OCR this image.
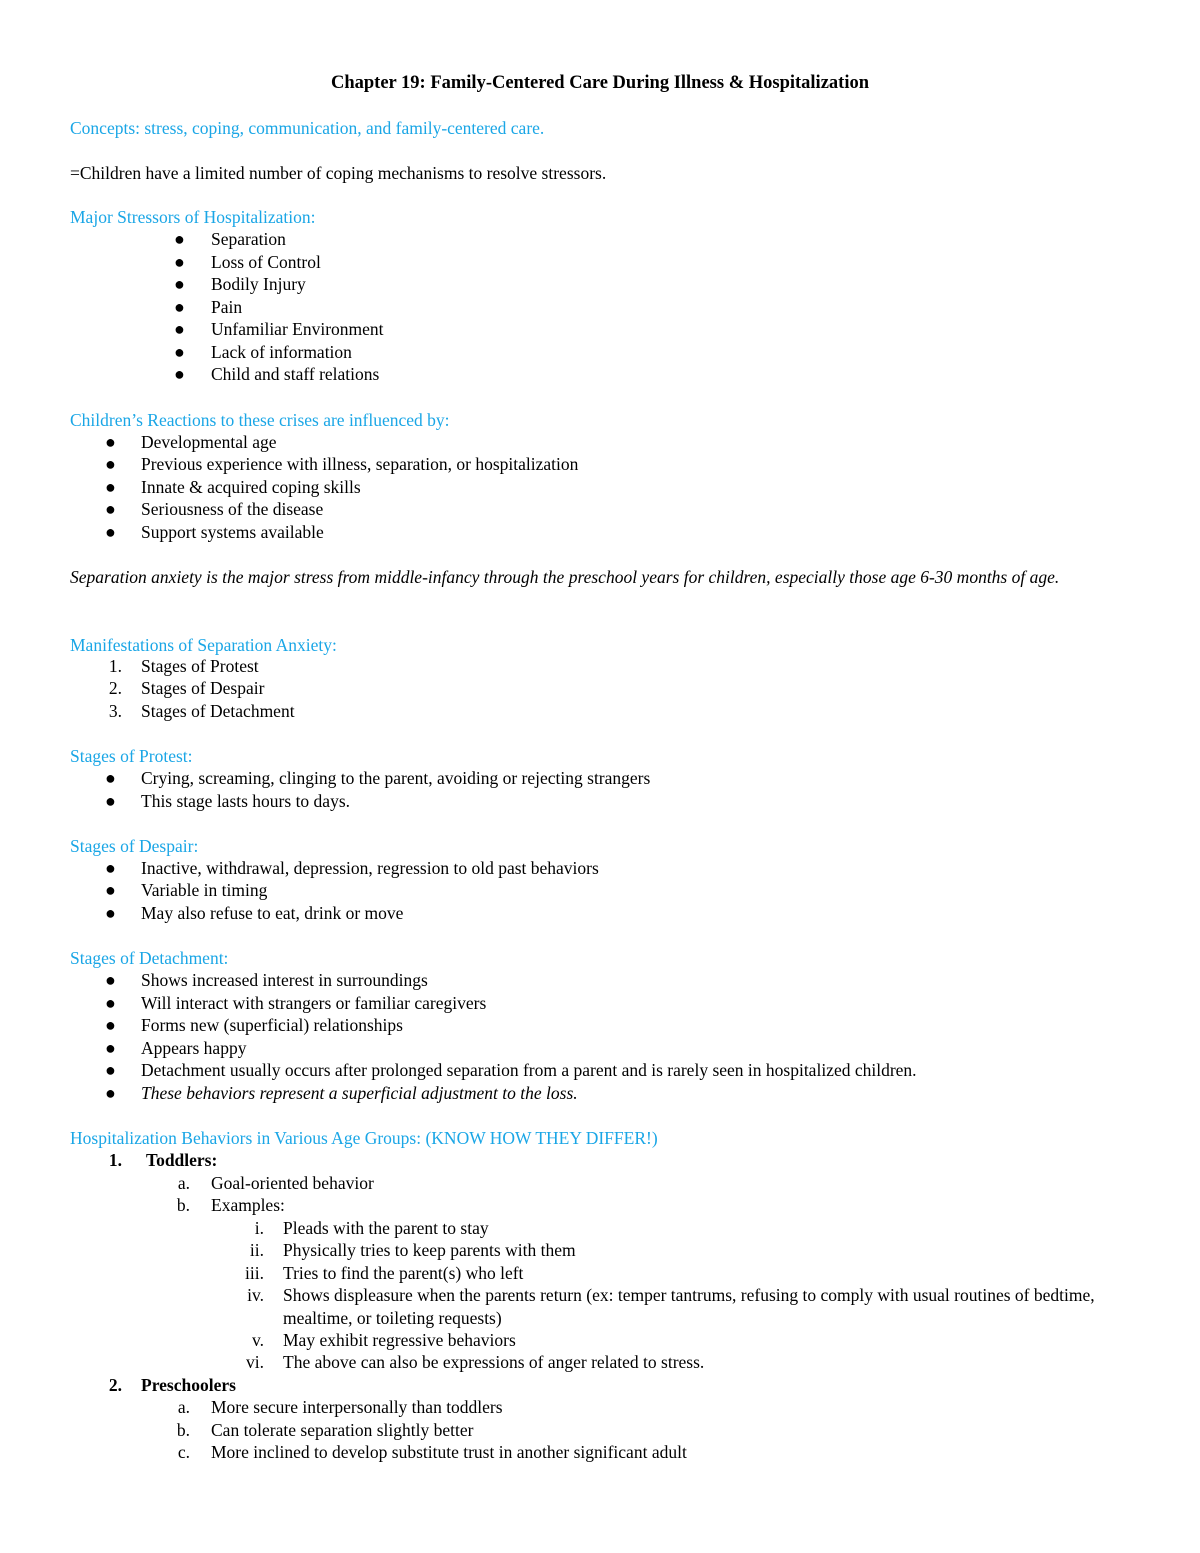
Chapter 19: Family-Centered Care During Illness & Hospitalization
Concepts: stress, coping, communication, and family-centered care.
=Children have a limited number of coping mechanisms to resolve stressors.
Major Stressors of Hospitalization:
● Separation
● Loss of Control
● Bodily Injury
● Pain
● Unfamiliar Environment
● Lack of information
● Child and staff relations
Children’s Reactions to these crises are influenced by:
● Developmental age
● Previous experience with illness, separation, or hospitalization
● Innate & acquired coping skills
● Seriousness of the disease
● Support systems available
Separation anxiety is the major stress from middle-infancy through the preschool years for children, especially those age 6-30 months of age.
Manifestations of Separation Anxiety:
1. Stages of Protest
2. Stages of Despair
3. Stages of Detachment
Stages of Protest:
● Crying, screaming, clinging to the parent, avoiding or rejecting strangers
● This stage lasts hours to days.
Stages of Despair:
● Inactive, withdrawal, depression, regression to old past behaviors
● Variable in timing
● May also refuse to eat, drink or move
Stages of Detachment:
● Shows increased interest in surroundings
● Will interact with strangers or familiar caregivers
● Forms new (superficial) relationships
● Appears happy
● Detachment usually occurs after prolonged separation from a parent and is rarely seen in hospitalized children.
● These behaviors represent a superficial adjustment to the loss.
Hospitalization Behaviors in Various Age Groups: (KNOW HOW THEY DIFFER!)
1. Toddlers:
a. Goal-oriented behavior
b. Examples:
i. Pleads with the parent to stay
ii. Physically tries to keep parents with them
iii. Tries to find the parent(s) who left
iv. Shows displeasure when the parents return (ex: temper tantrums, refusing to comply with usual routines of bedtime, mealtime, or toileting requests)
v. May exhibit regressive behaviors
vi. The above can also be expressions of anger related to stress.
2. Preschoolers
a. More secure interpersonally than toddlers
b. Can tolerate separation slightly better
c. More inclined to develop substitute trust in another significant adult
